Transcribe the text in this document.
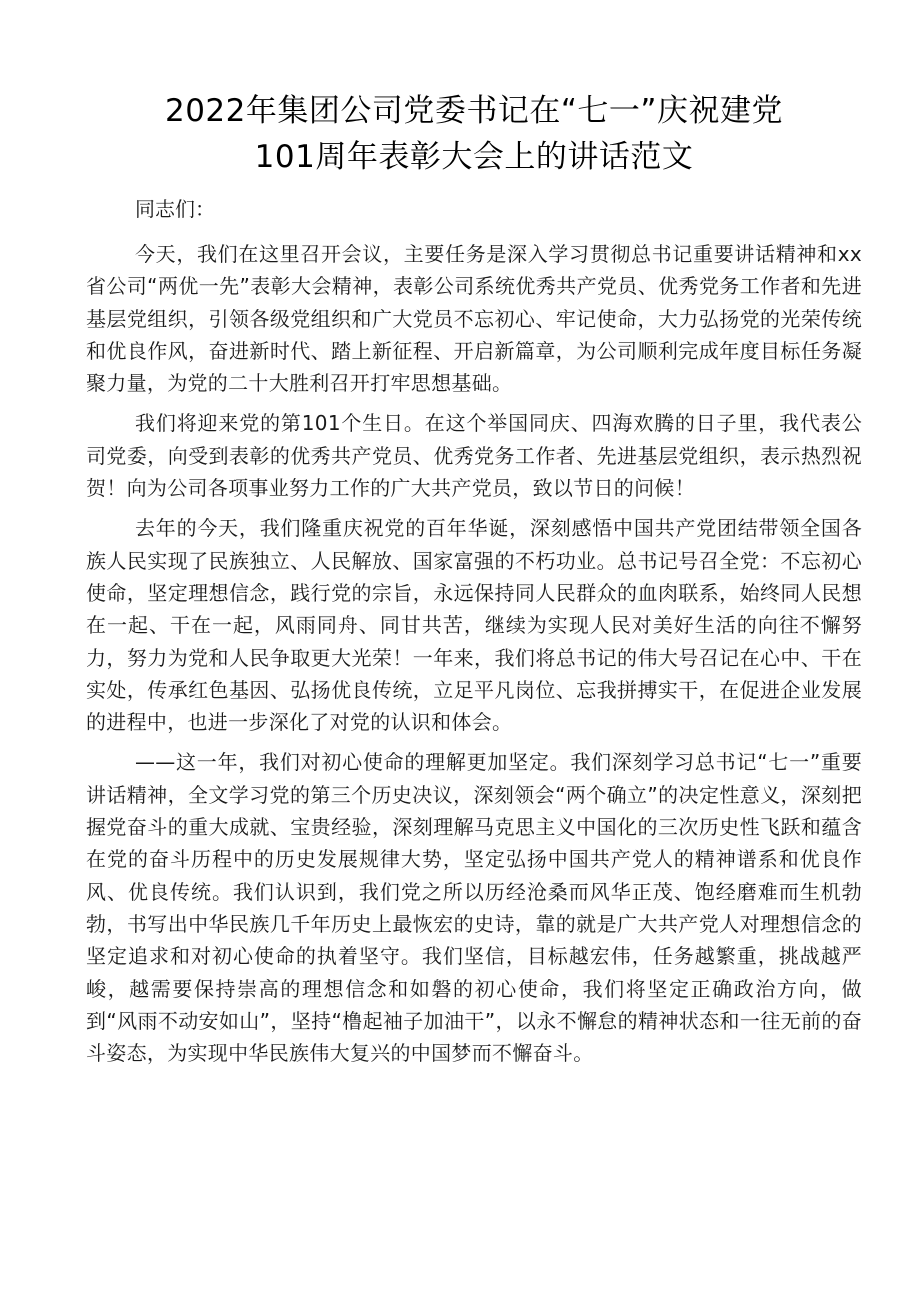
2022年集团公司党委书记在“七一”庆祝建党
101周年表彰大会上的讲话范文

同志们：

今天，我们在这里召开会议，主要任务是深入学习贯彻总书记重要讲话精神和xx省公司“两优一先”表彰大会精神，表彰公司系统优秀共产党员、优秀党务工作者和先进基层党组织，引领各级党组织和广大党员不忘初心、牢记使命，大力弘扬党的光荣传统和优良作风，奋进新时代、踏上新征程、开启新篇章，为公司顺利完成年度目标任务凝聚力量，为党的二十大胜利召开打牢思想基础。

我们将迎来党的第101个生日。在这个举国同庆、四海欢腾的日子里，我代表公司党委，向受到表彰的优秀共产党员、优秀党务工作者、先进基层党组织，表示热烈祝贺！向为公司各项事业努力工作的广大共产党员，致以节日的问候！

去年的今天，我们隆重庆祝党的百年华诞，深刻感悟中国共产党团结带领全国各族人民实现了民族独立、人民解放、国家富强的不朽功业。总书记号召全党：不忘初心使命，坚定理想信念，践行党的宗旨，永远保持同人民群众的血肉联系，始终同人民想在一起、干在一起，风雨同舟、同甘共苦，继续为实现人民对美好生活的向往不懈努力，努力为党和人民争取更大光荣！一年来，我们将总书记的伟大号召记在心中、干在实处，传承红色基因、弘扬优良传统，立足平凡岗位、忘我拼搏实干，在促进企业发展的进程中，也进一步深化了对党的认识和体会。

——这一年，我们对初心使命的理解更加坚定。我们深刻学习总书记“七一”重要讲话精神，全文学习党的第三个历史决议，深刻领会“两个确立”的决定性意义，深刻把握党奋斗的重大成就、宝贵经验，深刻理解马克思主义中国化的三次历史性飞跃和蕴含在党的奋斗历程中的历史发展规律大势，坚定弘扬中国共产党人的精神谱系和优良作风、优良传统。我们认识到，我们党之所以历经沧桑而风华正茂、饱经磨难而生机勃勃，书写出中华民族几千年历史上最恢宏的史诗，靠的就是广大共产党人对理想信念的坚定追求和对初心使命的执着坚守。我们坚信，目标越宏伟，任务越繁重，挑战越严峻，越需要保持崇高的理想信念和如磐的初心使命，我们将坚定正确政治方向，做到“风雨不动安如山”，坚持“橹起袖子加油干”，以永不懈怠的精神状态和一往无前的奋斗姿态，为实现中华民族伟大复兴的中国梦而不懈奋斗。
